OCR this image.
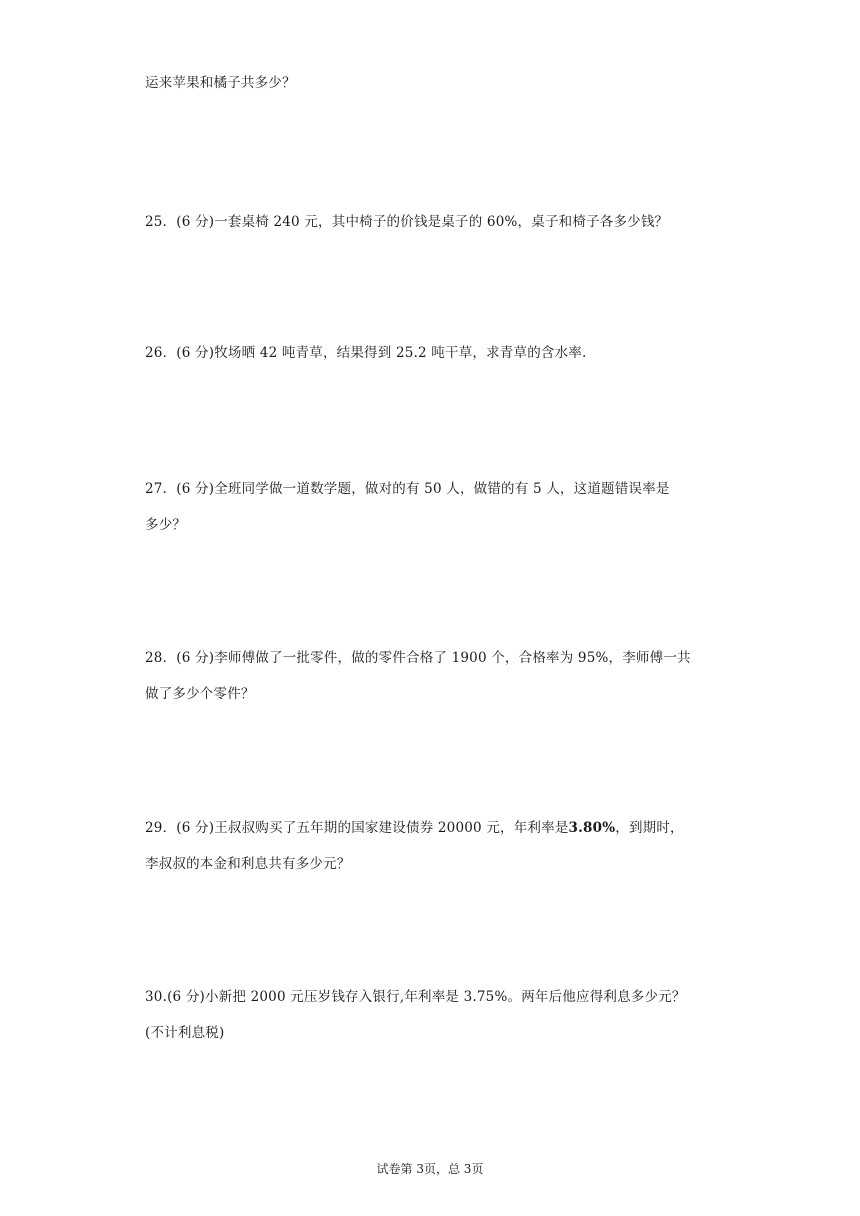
运来苹果和橘子共多少？
25．(6 分)一套桌椅 240 元，其中椅子的价钱是桌子的 60%，桌子和椅子各多少钱？
26．(6 分)牧场晒 42 吨青草，结果得到 25.2 吨干草，求青草的含水率.
27．(6 分)全班同学做一道数学题，做对的有 50 人，做错的有 5 人，这道题错误率是
多少？
28．(6 分)李师傅做了一批零件，做的零件合格了 1900 个，合格率为 95%，李师傅一共
做了多少个零件？
29．(6 分)王叔叔购买了五年期的国家建设债券 20000 元，年利率是3.80%，到期时，
李叔叔的本金和利息共有多少元？
30.(6 分)小新把 2000 元压岁钱存入银行,年利率是 3.75%。两年后他应得利息多少元？
(不计利息税)
试卷第 3页，总 3页
